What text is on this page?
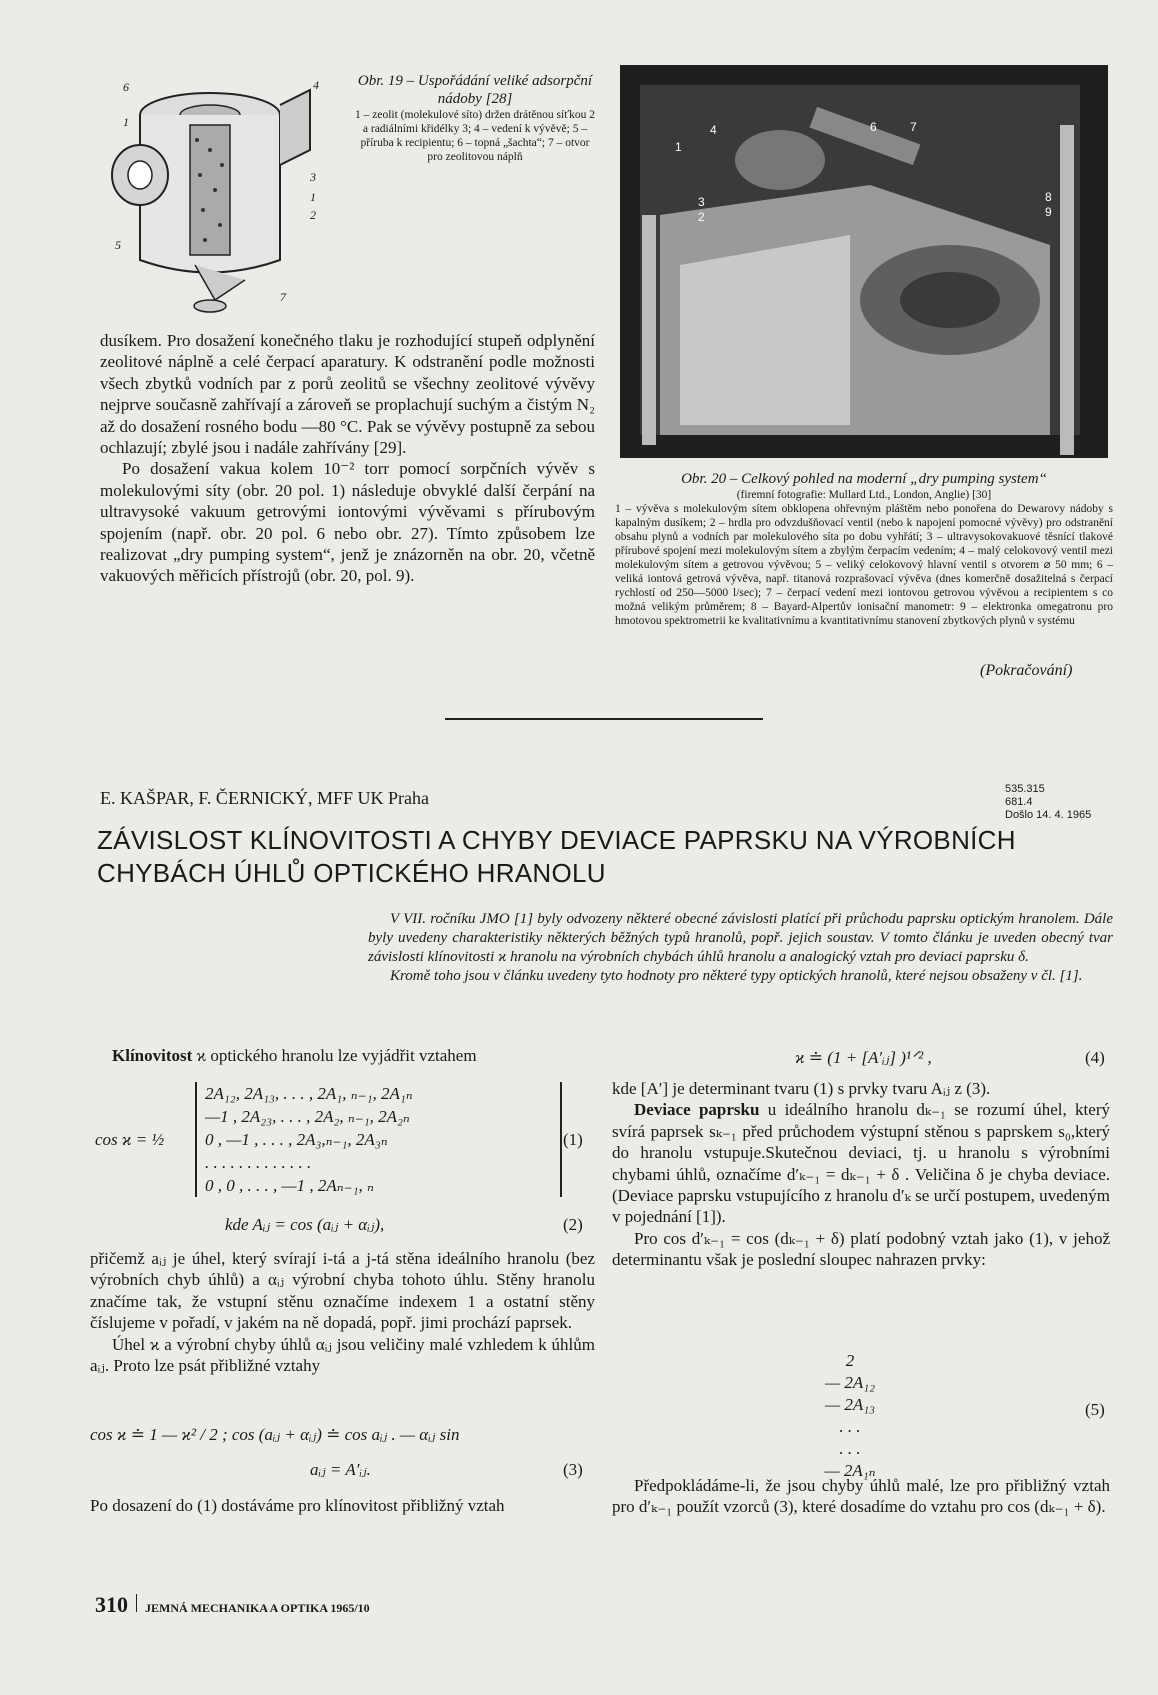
6
1
4
3
1
2
5
7
Obr. 19 – Uspořádání veliké adsorpční nádoby [28]
1 – zeolit (molekulové síto) držen drátěnou síťkou 2 a radiálními křidélky 3; 4 – vedení k vývěvě; 5 – příruba k recipientu; 6 – topná „šachta“; 7 – otvor pro zeolitovou náplň
4
1
6	7
3
2
8
9

dusíkem. Pro dosažení konečného tlaku je rozhodující stupeň odplynění zeolitové náplně a celé čerpací aparatury. K odstranění podle možnosti všech zbytků vodních par z porů zeolitů se všechny zeolitové vývěvy nejprve současně zahřívají a zároveň se proplachují suchým a čistým N₂ až do dosažení rosného bodu —80 °C. Pak se vývěvy postupně za sebou ochlazují; zbylé jsou i nadále zahřívány [29].

Po dosažení vakua kolem 10⁻² torr pomocí sorpčních vývěv s molekulovými síty (obr. 20 pol. 1) následuje obvyklé další čerpání na ultravysoké vakuum getrovými iontovými vývěvami s přírubovým spojením (např. obr. 20 pol. 6 nebo obr. 27). Tímto způsobem lze realizovat „dry pumping system“, jenž je znázorněn na obr. 20, včetně vakuových měřicích přístrojů (obr. 20, pol. 9).

Obr. 20 – Celkový pohled na moderní „dry pumping system“
(firemní fotografie: Mullard Ltd., London, Anglie) [30]
1 – vývěva s molekulovým sítem obklopena ohřevným pláštěm nebo ponořena do Dewarovy nádoby s kapalným dusíkem; 2 – hrdla pro odvzdušňovací ventil (nebo k napojení pomocné vývěvy) pro odstranění obsahu plynů a vodních par molekulového síta po dobu vyhřátí; 3 – ultravysokovakuové těsnící tlakové přírubové spojení mezi molekulovým sítem a zbylým čerpacím vedením; 4 – malý celokovový ventil mezi molekulovým sítem a getrovou vývěvou; 5 – veliký celokovový hlavní ventil s otvorem ⌀ 50 mm; 6 – veliká iontová getrová vývěva, např. titanová rozprašovací vývěva (dnes komerčně dosažitelná s čerpací rychlostí od 250—5000 l/sec); 7 – čerpací vedení mezi iontovou getrovou vývěvou a recipientem s co možná velikým průměrem; 8 – Bayard-Alpertův ionisační manometr: 9 – elektronka omegatronu pro hmotovou spektrometrii ke kvalitativnímu a kvantitativnímu stanovení zbytkových plynů v systému
(Pokračování)
E. KAŠPAR, F. ČERNICKÝ, MFF UK Praha	535.315
681.4
Došlo 14. 4. 1965
ZÁVISLOST KLÍNOVITOSTI A CHYBY DEVIACE PAPRSKU NA VÝROBNÍCH
CHYBÁCH ÚHLŮ OPTICKÉHO HRANOLU

V VII. ročníku JMO [1] byly odvozeny některé obecné závislosti platící při průchodu paprsku optickým hranolem. Dále byly uvedeny charakteristiky některých běžných typů hranolů, popř. jejich soustav. V tomto článku je uveden obecný tvar závislosti klínovitosti ϰ hranolu na výrobních chybách úhlů hranolu a analogický vztah pro deviaci paprsku δ.

Kromě toho jsou v článku uvedeny tyto hodnoty pro některé typy optických hranolů, které nejsou obsaženy v čl. [1].

Klínovitost ϰ optického hranolu lze vyjádřit vztahem

cos ϰ = ½
2A₁₂, 2A₁₃, . . . , 2A₁, ₙ₋₁, 2A₁ₙ
—1 , 2A₂₃, . . . , 2A₂, ₙ₋₁, 2A₂ₙ
0 , —1 , . . . , 2A₃,ₙ₋₁, 2A₃ₙ
. . . . . . . . . . . . .
0 , 0 , . . . , —1 , 2Aₙ₋₁, ₙ
(1)
kde Aᵢⱼ = cos (aᵢⱼ + αᵢⱼ),	(2)

přičemž aᵢⱼ je úhel, který svírají i-tá a j-tá stěna ideálního hranolu (bez výrobních chyb úhlů) a αᵢⱼ výrobní chyba tohoto úhlu. Stěny hranolu značíme tak, že vstupní stěnu označíme indexem 1 a ostatní stěny číslujeme v pořadí, v jakém na ně dopadá, popř. jimi prochází paprsek.

Úhel ϰ a výrobní chyby úhlů αᵢⱼ jsou veličiny malé vzhledem k úhlům aᵢⱼ. Proto lze psát přibližné vztahy

cos ϰ ≐ 1 — ϰ² / 2 ; cos (aᵢⱼ + αᵢⱼ) ≐ cos aᵢⱼ . — αᵢⱼ sin
aᵢⱼ = A′ᵢⱼ.	(3)

Po dosazení do (1) dostáváme pro klínovitost přibližný vztah

ϰ ≐ (1 + [A′ᵢⱼ] )¹ᐟ² ,	(4)

kde [A′] je determinant tvaru (1) s prvky tvaru Aᵢⱼ z (3).

Deviace paprsku u ideálního hranolu dₖ₋₁ se rozumí úhel, který svírá paprsek sₖ₋₁ před průchodem výstupní stěnou s paprskem s₀,který do hranolu vstupuje.Skutečnou deviaci, tj. u hranolu s výrobními chybami úhlů, označíme d′ₖ₋₁ = dₖ₋₁ + δ . Veličina δ je chyba deviace. (Deviace paprsku vstupujícího z hranolu d′ₖ se určí postupem, uvedeným v pojednání [1]).

Pro cos d′ₖ₋₁ = cos (dₖ₋₁ + δ) platí podobný vztah jako (1), v jehož determinantu však je poslední sloupec nahrazen prvky:

2
— 2A₁₂
— 2A₁₃
. . .
. . .
— 2A₁ₙ
(5)

Předpokládáme-li, že jsou chyby úhlů malé, lze pro přibližný vztah pro d′ₖ₋₁ použít vzorců (3), které dosadíme do vztahu pro cos (dₖ₋₁ + δ).

310 JEMNÁ MECHANIKA A OPTIKA 1965/10
